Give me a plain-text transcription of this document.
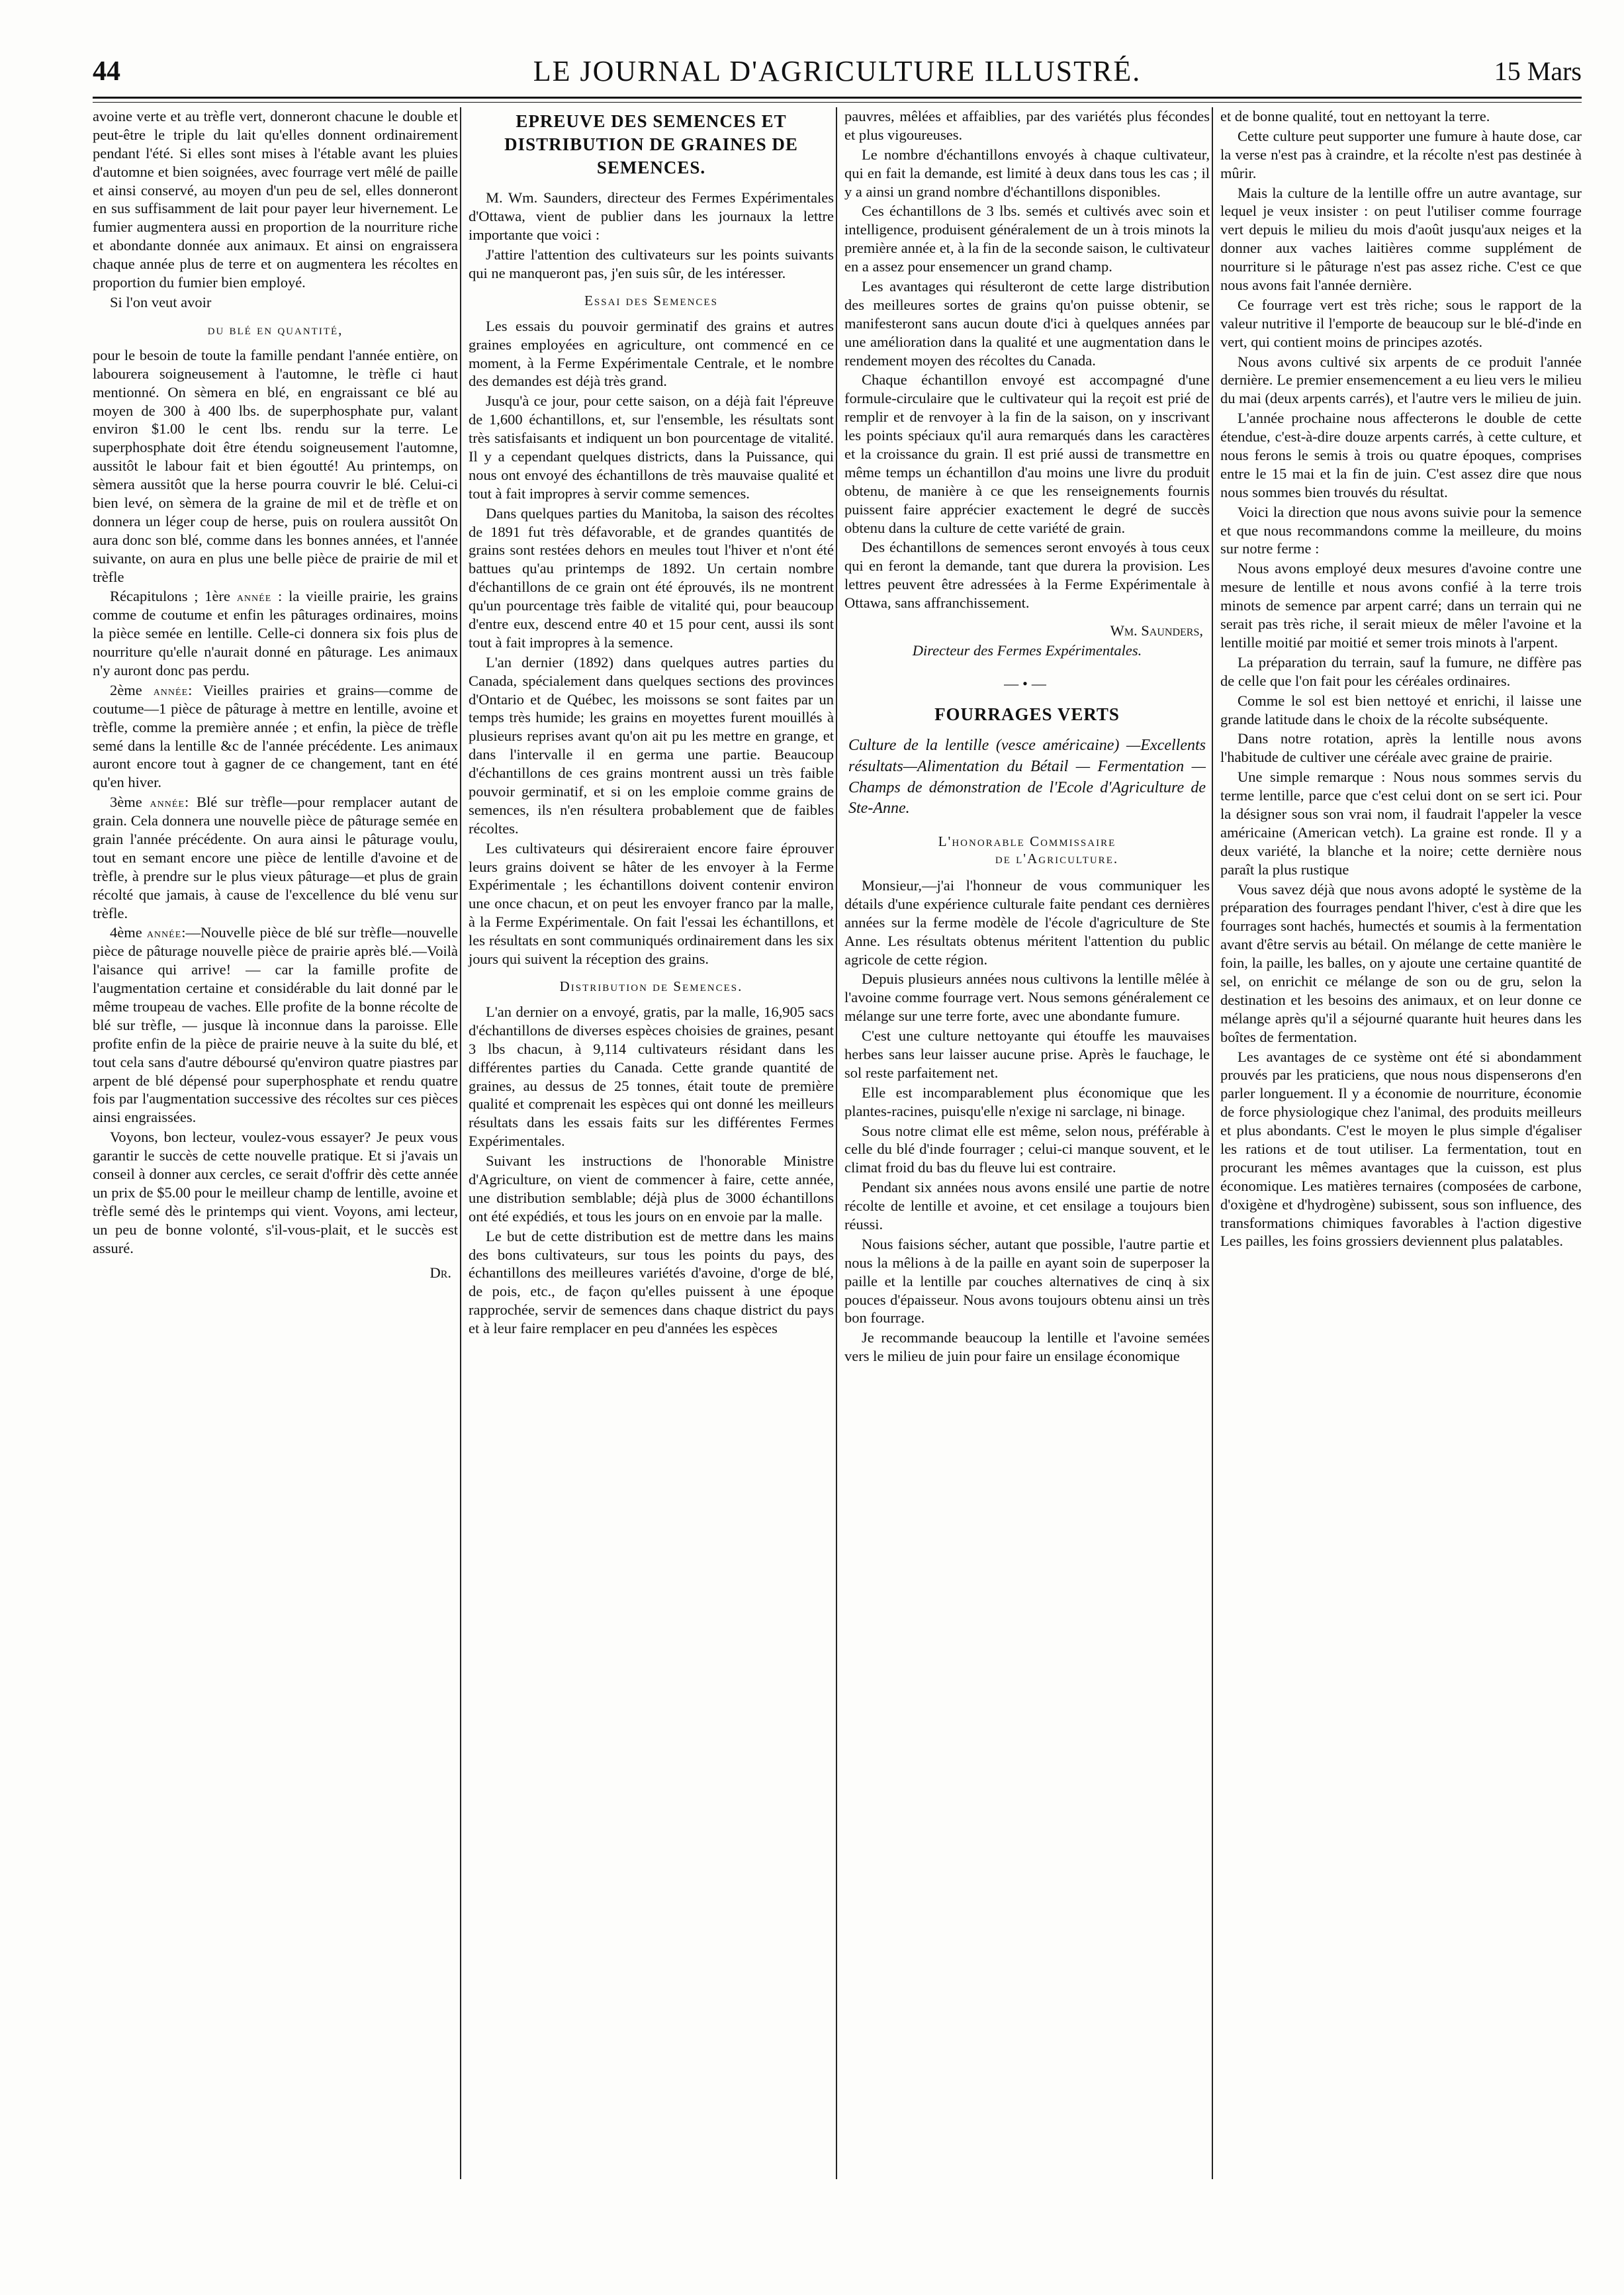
44	LE JOURNAL D'AGRICULTURE ILLUSTRÉ.	15 Mars

avoine verte et au trèfle vert, donneront chacune le double et peut-être le triple du lait qu'elles donnent ordinairement pendant l'été. Si elles sont mises à l'étable avant les pluies d'automne et bien soignées, avec fourrage vert mêlé de paille et ainsi conservé, au moyen d'un peu de sel, elles donneront en sus suffisamment de lait pour payer leur hivernement. Le fumier augmentera aussi en proportion de la nourriture riche et abondante donnée aux animaux. Et ainsi on engraissera chaque année plus de terre et on augmentera les récoltes en proportion du fumier bien employé.

Si l'on veut avoir

du blé en quantité,

pour le besoin de toute la famille pendant l'année entière, on labourera soigneusement à l'automne, le trèfle ci haut mentionné. On sèmera en blé, en engraissant ce blé au moyen de 300 à 400 lbs. de superphosphate pur, valant environ $1.00 le cent lbs. rendu sur la terre. Le superphosphate doit être étendu soigneusement l'automne, aussitôt le labour fait et bien égoutté! Au printemps, on sèmera aussitôt que la herse pourra couvrir le blé. Celui-ci bien levé, on sèmera de la graine de mil et de trèfle et on donnera un léger coup de herse, puis on roulera aussitôt On aura donc son blé, comme dans les bonnes années, et l'année suivante, on aura en plus une belle pièce de prairie de mil et trèfle

Récapitulons ; 1ère année : la vieille prairie, les grains comme de coutume et enfin les pâturages ordinaires, moins la pièce semée en lentille. Celle-ci donnera six fois plus de nourriture qu'elle n'aurait donné en pâturage. Les animaux n'y auront donc pas perdu.

2ème année: Vieilles prairies et grains—comme de coutume—1 pièce de pâturage à mettre en lentille, avoine et trèfle, comme la première année ; et enfin, la pièce de trèfle semé dans la lentille &c de l'année précédente. Les animaux auront encore tout à gagner de ce changement, tant en été qu'en hiver.

3ème année: Blé sur trèfle—pour remplacer autant de grain. Cela donnera une nouvelle pièce de pâturage semée en grain l'année précédente. On aura ainsi le pâturage voulu, tout en semant encore une pièce de lentille d'avoine et de trèfle, à prendre sur le plus vieux pâturage—et plus de grain récolté que jamais, à cause de l'excellence du blé venu sur trèfle.

4ème année:—Nouvelle pièce de blé sur trèfle—nouvelle pièce de pâturage nouvelle pièce de prairie après blé.—Voilà l'aisance qui arrive! — car la famille profite de l'augmentation certaine et considérable du lait donné par le même troupeau de vaches. Elle profite de la bonne récolte de blé sur trèfle, — jusque là inconnue dans la paroisse. Elle profite enfin de la pièce de prairie neuve à la suite du blé, et tout cela sans d'autre déboursé qu'environ quatre piastres par arpent de blé dépensé pour superphosphate et rendu quatre fois par l'augmentation successive des récoltes sur ces pièces ainsi engraissées.

Voyons, bon lecteur, voulez-vous essayer? Je peux vous garantir le succès de cette nouvelle pratique. Et si j'avais un conseil à donner aux cercles, ce serait d'offrir dès cette année un prix de $5.00 pour le meilleur champ de lentille, avoine et trèfle semé dès le printemps qui vient. Voyons, ami lecteur, un peu de bonne volonté, s'il-vous-plait, et le succès est assuré.

Dr.
EPREUVE DES SEMENCES ET DISTRIBUTION DE GRAINES DE SEMENCES.

M. Wm. Saunders, directeur des Fermes Expérimentales d'Ottawa, vient de publier dans les journaux la lettre importante que voici :

J'attire l'attention des cultivateurs sur les points suivants qui ne manqueront pas, j'en suis sûr, de les intéresser.

Essai des Semences

Les essais du pouvoir germinatif des grains et autres graines employées en agriculture, ont commencé en ce moment, à la Ferme Expérimentale Centrale, et le nombre des demandes est déjà très grand.

Jusqu'à ce jour, pour cette saison, on a déjà fait l'épreuve de 1,600 échantillons, et, sur l'ensemble, les résultats sont très satisfaisants et indiquent un bon pourcentage de vitalité. Il y a cependant quelques districts, dans la Puissance, qui nous ont envoyé des échantillons de très mauvaise qualité et tout à fait impropres à servir comme semences.

Dans quelques parties du Manitoba, la saison des récoltes de 1891 fut très défavorable, et de grandes quantités de grains sont restées dehors en meules tout l'hiver et n'ont été battues qu'au printemps de 1892. Un certain nombre d'échantillons de ce grain ont été éprouvés, ils ne montrent qu'un pourcentage très faible de vitalité qui, pour beaucoup d'entre eux, descend entre 40 et 15 pour cent, aussi ils sont tout à fait impropres à la semence.

L'an dernier (1892) dans quelques autres parties du Canada, spécialement dans quelques sections des provinces d'Ontario et de Québec, les moissons se sont faites par un temps très humide; les grains en moyettes furent mouillés à plusieurs reprises avant qu'on ait pu les mettre en grange, et dans l'intervalle il en germa une partie. Beaucoup d'échantillons de ces grains montrent aussi un très faible pouvoir germinatif, et si on les emploie comme grains de semences, ils n'en résultera probablement que de faibles récoltes.

Les cultivateurs qui désireraient encore faire éprouver leurs grains doivent se hâter de les envoyer à la Ferme Expérimentale ; les échantillons doivent contenir environ une once chacun, et on peut les envoyer franco par la malle, à la Ferme Expérimentale. On fait l'essai les échantillons, et les résultats en sont communiqués ordinairement dans les six jours qui suivent la réception des grains.

Distribution de Semences.

L'an dernier on a envoyé, gratis, par la malle, 16,905 sacs d'échantillons de diverses espèces choisies de graines, pesant 3 lbs chacun, à 9,114 cultivateurs résidant dans les différentes parties du Canada. Cette grande quantité de graines, au dessus de 25 tonnes, était toute de première qualité et comprenait les espèces qui ont donné les meilleurs résultats dans les essais faits sur les différentes Fermes Expérimentales.

Suivant les instructions de l'honorable Ministre d'Agriculture, on vient de commencer à faire, cette année, une distribution semblable; déjà plus de 3000 échantillons ont été expédiés, et tous les jours on en envoie par la malle.

Le but de cette distribution est de mettre dans les mains des bons cultivateurs, sur tous les points du pays, des échantillons des meilleures variétés d'avoine, d'orge de blé, de pois, etc., de façon qu'elles puissent à une époque rapprochée, servir de semences dans chaque district du pays et à leur faire remplacer en peu d'années les espèces

pauvres, mêlées et affaiblies, par des variétés plus fécondes et plus vigoureuses.

Le nombre d'échantillons envoyés à chaque cultivateur, qui en fait la demande, est limité à deux dans tous les cas ; il y a ainsi un grand nombre d'échantillons disponibles.

Ces échantillons de 3 lbs. semés et cultivés avec soin et intelligence, produisent généralement de un à trois minots la première année et, à la fin de la seconde saison, le cultivateur en a assez pour ensemencer un grand champ.

Les avantages qui résulteront de cette large distribution des meilleures sortes de grains qu'on puisse obtenir, se manifesteront sans aucun doute d'ici à quelques années par une amélioration dans la qualité et une augmentation dans le rendement moyen des récoltes du Canada.

Chaque échantillon envoyé est accompagné d'une formule-circulaire que le cultivateur qui la reçoit est prié de remplir et de renvoyer à la fin de la saison, on y inscrivant les points spéciaux qu'il aura remarqués dans les caractères et la croissance du grain. Il est prié aussi de transmettre en même temps un échantillon d'au moins une livre du produit obtenu, de manière à ce que les renseignements fournis puissent faire apprécier exactement le degré de succès obtenu dans la culture de cette variété de grain.

Des échantillons de semences seront envoyés à tous ceux qui en feront la demande, tant que durera la provision. Les lettres peuvent être adressées à la Ferme Expérimentale à Ottawa, sans affranchissement.

Wm. Saunders,
Directeur des Fermes Expérimentales.
—•—
FOURRAGES VERTS
Culture de la lentille (vesce américaine) —Excellents résultats—Alimentation du Bétail — Fermentation — Champs de démonstration de l'Ecole d'Agriculture de Ste-Anne.
L'honorable Commissaire
de l'Agriculture.

Monsieur,—j'ai l'honneur de vous communiquer les détails d'une expérience culturale faite pendant ces dernières années sur la ferme modèle de l'école d'agriculture de Ste Anne. Les résultats obtenus méritent l'attention du public agricole de cette région.

Depuis plusieurs années nous cultivons la lentille mêlée à l'avoine comme fourrage vert. Nous semons généralement ce mélange sur une terre forte, avec une abondante fumure.

C'est une culture nettoyante qui étouffe les mauvaises herbes sans leur laisser aucune prise. Après le fauchage, le sol reste parfaitement net.

Elle est incomparablement plus économique que les plantes-racines, puisqu'elle n'exige ni sarclage, ni binage.

Sous notre climat elle est même, selon nous, préférable à celle du blé d'inde fourrager ; celui-ci manque souvent, et le climat froid du bas du fleuve lui est contraire.

Pendant six années nous avons ensilé une partie de notre récolte de lentille et avoine, et cet ensilage a toujours bien réussi.

Nous faisions sécher, autant que possible, l'autre partie et nous la mêlions à de la paille en ayant soin de superposer la paille et la lentille par couches alternatives de cinq à six pouces d'épaisseur. Nous avons toujours obtenu ainsi un très bon fourrage.

Je recommande beaucoup la lentille et l'avoine semées vers le milieu de juin pour faire un ensilage économique

et de bonne qualité, tout en nettoyant la terre.

Cette culture peut supporter une fumure à haute dose, car la verse n'est pas à craindre, et la récolte n'est pas destinée à mûrir.

Mais la culture de la lentille offre un autre avantage, sur lequel je veux insister : on peut l'utiliser comme fourrage vert depuis le milieu du mois d'août jusqu'aux neiges et la donner aux vaches laitières comme supplément de nourriture si le pâturage n'est pas assez riche. C'est ce que nous avons fait l'année dernière.

Ce fourrage vert est très riche; sous le rapport de la valeur nutritive il l'emporte de beaucoup sur le blé-d'inde en vert, qui contient moins de principes azotés.

Nous avons cultivé six arpents de ce produit l'année dernière. Le premier ensemencement a eu lieu vers le milieu du mai (deux arpents carrés), et l'autre vers le milieu de juin.

L'année prochaine nous affecterons le double de cette étendue, c'est-à-dire douze arpents carrés, à cette culture, et nous ferons le semis à trois ou quatre époques, comprises entre le 15 mai et la fin de juin. C'est assez dire que nous nous sommes bien trouvés du résultat.

Voici la direction que nous avons suivie pour la semence et que nous recommandons comme la meilleure, du moins sur notre ferme :

Nous avons employé deux mesures d'avoine contre une mesure de lentille et nous avons confié à la terre trois minots de semence par arpent carré; dans un terrain qui ne serait pas très riche, il serait mieux de mêler l'avoine et la lentille moitié par moitié et semer trois minots à l'arpent.

La préparation du terrain, sauf la fumure, ne diffère pas de celle que l'on fait pour les céréales ordinaires.

Comme le sol est bien nettoyé et enrichi, il laisse une grande latitude dans le choix de la récolte subséquente.

Dans notre rotation, après la lentille nous avons l'habitude de cultiver une céréale avec graine de prairie.

Une simple remarque : Nous nous sommes servis du terme lentille, parce que c'est celui dont on se sert ici. Pour la désigner sous son vrai nom, il faudrait l'appeler la vesce américaine (American vetch). La graine est ronde. Il y a deux variété, la blanche et la noire; cette dernière nous paraît la plus rustique

Vous savez déjà que nous avons adopté le système de la préparation des fourrages pendant l'hiver, c'est à dire que les fourrages sont hachés, humectés et soumis à la fermentation avant d'être servis au bétail. On mélange de cette manière le foin, la paille, les balles, on y ajoute une certaine quantité de sel, on enrichit ce mélange de son ou de gru, selon la destination et les besoins des animaux, et on leur donne ce mélange après qu'il a séjourné quarante huit heures dans les boîtes de fermentation.

Les avantages de ce système ont été si abondamment prouvés par les praticiens, que nous nous dispenserons d'en parler longuement. Il y a économie de nourriture, économie de force physiologique chez l'animal, des produits meilleurs et plus abondants. C'est le moyen le plus simple d'égaliser les rations et de tout utiliser. La fermentation, tout en procurant les mêmes avantages que la cuisson, est plus économique. Les matières ternaires (composées de carbone, d'oxigène et d'hydrogène) subissent, sous son influence, des transformations chimiques favorables à l'action digestive Les pailles, les foins grossiers deviennent plus palatables.
